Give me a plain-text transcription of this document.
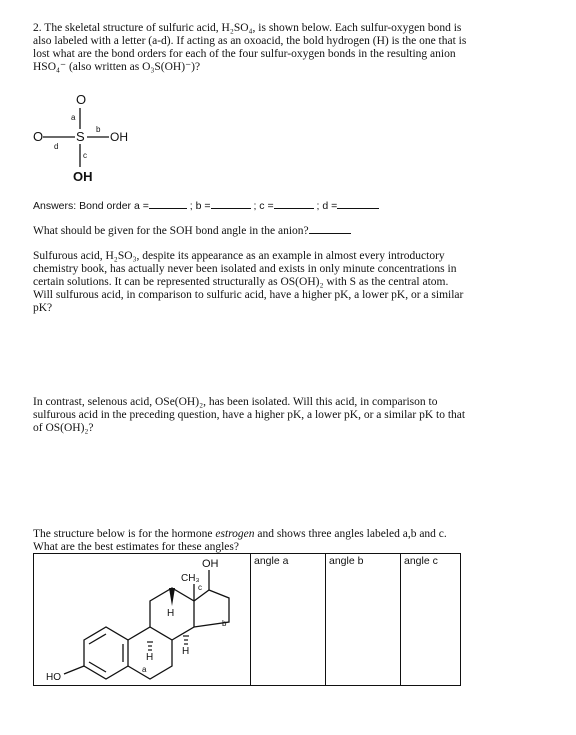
2. The skeletal structure of sulfuric acid, H₂SO₄, is shown below. Each sulfur-oxygen bond is
also labeled with a letter (a-d). If acting as an oxoacid, the bold hydrogen (H) is the one that is
lost what are the bond orders for each of the four sulfur-oxygen bonds in the resulting anion
HSO₄⁻ (also written as O₃S(OH)⁻)?
O
a
O
d
S b
OH
c
OH
Answers: Bond order a =	; b =	; c =	; d =
What should be given for the SOH bond angle in the anion?
Sulfurous acid, H₂SO₃, despite its appearance as an example in almost every introductory
chemistry book, has actually never been isolated and exists in only minute concentrations in
certain solutions. It can be represented structurally as OS(OH)₂ with S as the central atom.
Will sulfurous acid, in comparison to sulfuric acid, have a higher pK, a lower pK, or a similar
pK?
In contrast, selenous acid, OSe(OH)₂, has been isolated. Will this acid, in comparison to
sulfurous acid in the preceding question, have a higher pK, a lower pK, or a similar pK to that
of OS(OH)₂?
The structure below is for the hormone estrogen and shows three angles labeled a,b and c.
What are the best estimates for these angles?
	angle a	angle b	angle c
OH
CH₃
c
b
H
H
H
a
HO
